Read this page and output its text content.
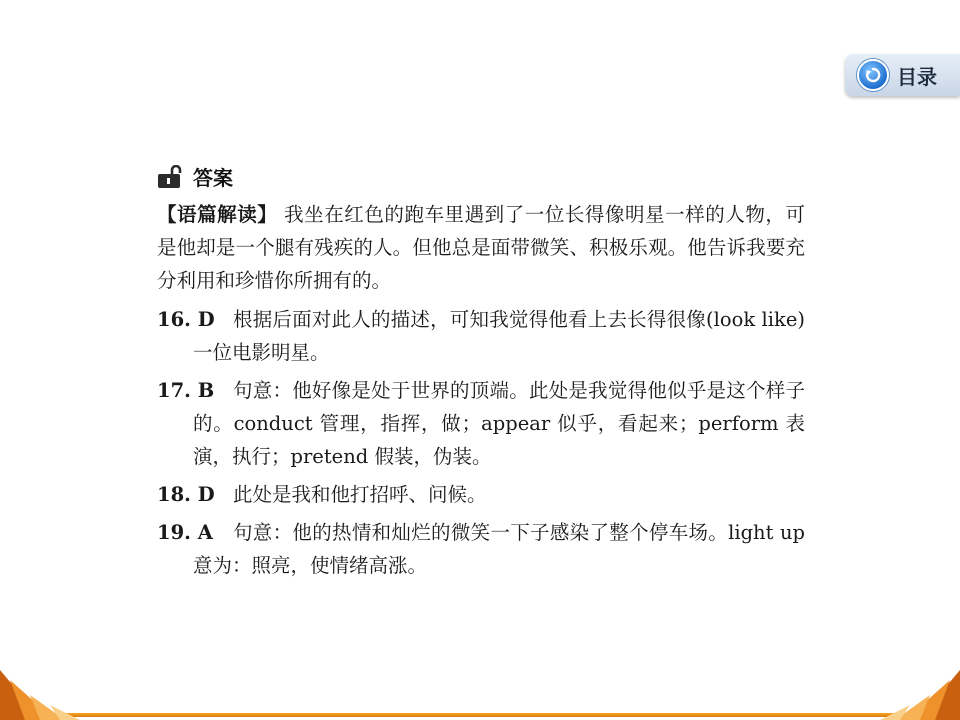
目录
答案

【语篇解读】 我坐在红色的跑车里遇到了一位长得像明星一样的人物，可是他却是一个腿有残疾的人。但他总是面带微笑、积极乐观。他告诉我要充分利用和珍惜你所拥有的。

16. D 根据后面对此人的描述，可知我觉得他看上去长得很像(look like)一位电影明星。
17. B 句意：他好像是处于世界的顶端。此处是我觉得他似乎是这个样子的。conduct 管理，指挥，做；appear 似乎，看起来；perform 表演，执行；pretend 假装，伪装。
18. D 此处是我和他打招呼、问候。
19. A	句意：他的热情和灿烂的微笑一下子感染了整个停车场。light up 意为：照亮，使情绪高涨。
